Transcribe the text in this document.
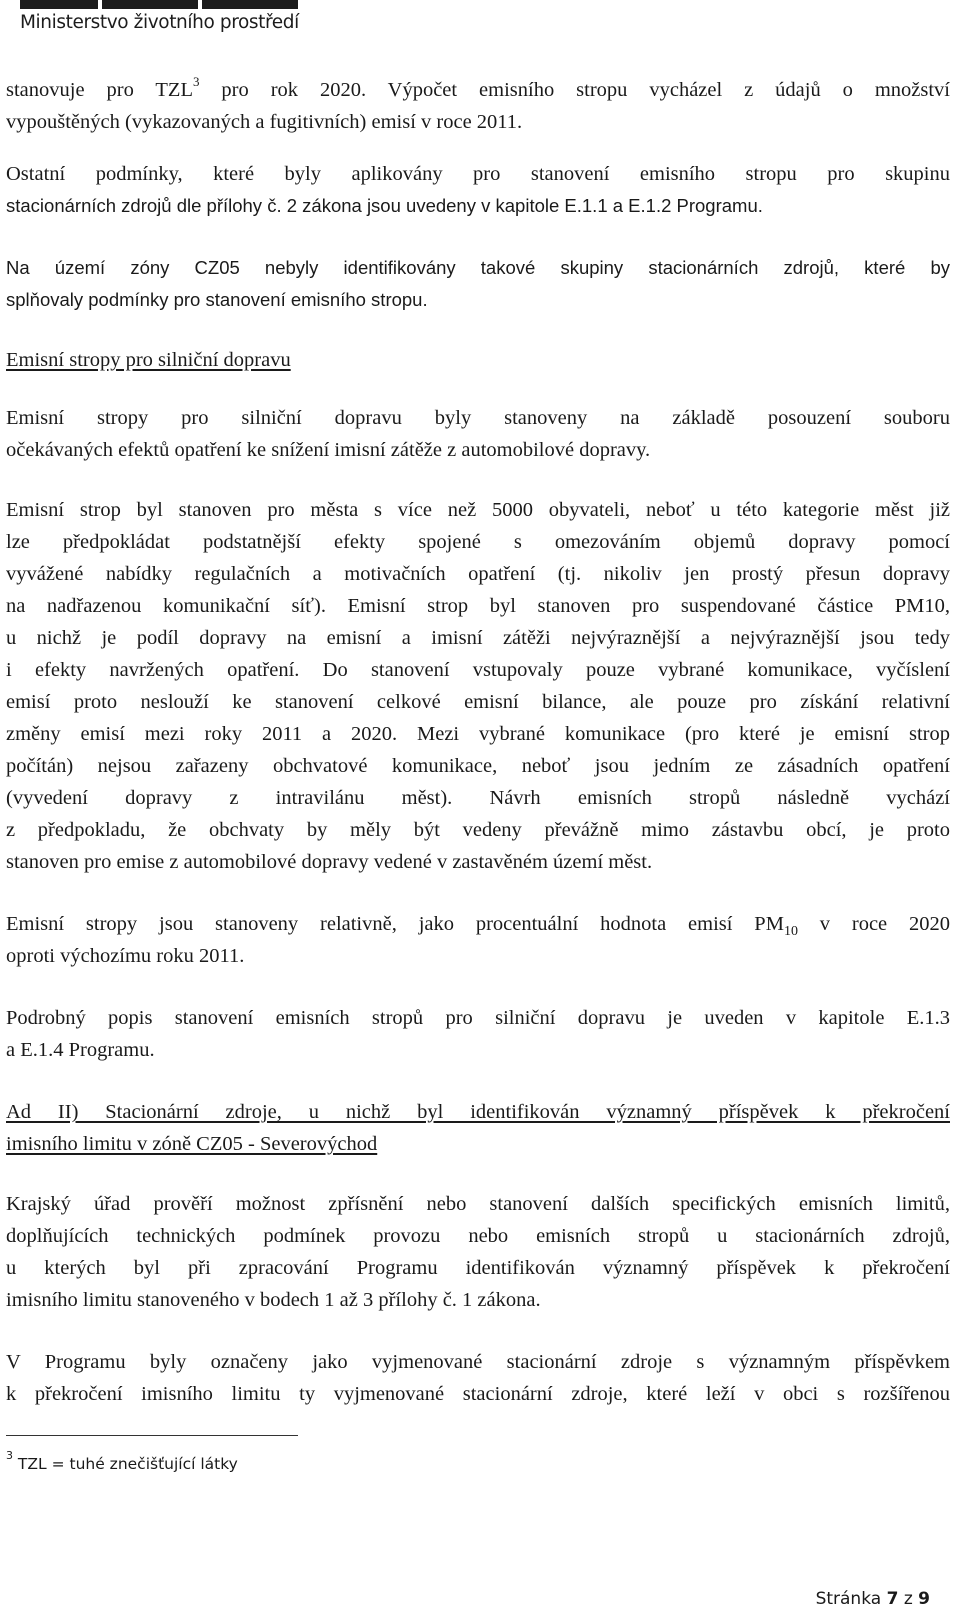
Ministerstvo životního prostředí
stanovuje pro TZL$^3$ pro rok 2020. Výpočet emisního stropu vycházel z údajů o množství
vypouštěných (vykazovaných a fugitivních) emisí v roce 2011.
Ostatní podmínky, které byly aplikovány pro stanovení emisního stropu pro skupinu
stacionárních zdrojů dle přílohy č. 2 zákona jsou uvedeny v kapitole E.1.1 a E.1.2 Programu.
Na území zóny CZ05 nebyly identifikovány takové skupiny stacionárních zdrojů, které by
splňovaly podmínky pro stanovení emisního stropu.
Emisní stropy pro silniční dopravu
Emisní stropy pro silniční dopravu byly stanoveny na základě posouzení souboru
očekávaných efektů opatření ke snížení imisní zátěže z automobilové dopravy.
Emisní strop byl stanoven pro města s více než 5000 obyvateli, neboť u této kategorie měst již
lze předpokládat podstatnější efekty spojené s omezováním objemů dopravy pomocí
vyvážené nabídky regulačních a motivačních opatření (tj. nikoliv jen prostý přesun dopravy
na nadřazenou komunikační síť). Emisní strop byl stanoven pro suspendované částice PM10,
u nichž je podíl dopravy na emisní a imisní zátěži nejvýraznější a nejvýraznější jsou tedy
i efekty navržených opatření. Do stanovení vstupovaly pouze vybrané komunikace, vyčíslení
emisí proto neslouží ke stanovení celkové emisní bilance, ale pouze pro získání relativní
změny emisí mezi roky 2011 a 2020. Mezi vybrané komunikace (pro které je emisní strop
počítán) nejsou zařazeny obchvatové komunikace, neboť jsou jedním ze zásadních opatření
(vyvedení dopravy z intravilánu měst). Návrh emisních stropů následně vychází
z předpokladu, že obchvaty by měly být vedeny převážně mimo zástavbu obcí, je proto
stanoven pro emise z automobilové dopravy vedené v zastavěném území měst.
Emisní stropy jsou stanoveny relativně, jako procentuální hodnota emisí $PM_{10}$ v roce 2020
oproti výchozímu roku 2011.
Podrobný popis stanovení emisních stropů pro silniční dopravu je uveden v kapitole E.1.3
a E.1.4 Programu.
Ad II) Stacionární zdroje, u nichž byl identifikován významný příspěvek k překročení
imisního limitu v zóně CZ05 - Severovýchod
Krajský úřad prověří možnost zpřísnění nebo stanovení dalších specifických emisních limitů,
doplňujících technických podmínek provozu nebo emisních stropů u stacionárních zdrojů,
u kterých byl při zpracování Programu identifikován významný příspěvek k překročení
imisního limitu stanoveného v bodech 1 až 3 přílohy č. 1 zákona.
V Programu byly označeny jako vyjmenované stacionární zdroje s významným příspěvkem
k překročení imisního limitu ty vyjmenované stacionární zdroje, které leží v obci s rozšířenou
$^3$ TZL = tuhé znečišťující látky
Stránka 7 z 9
